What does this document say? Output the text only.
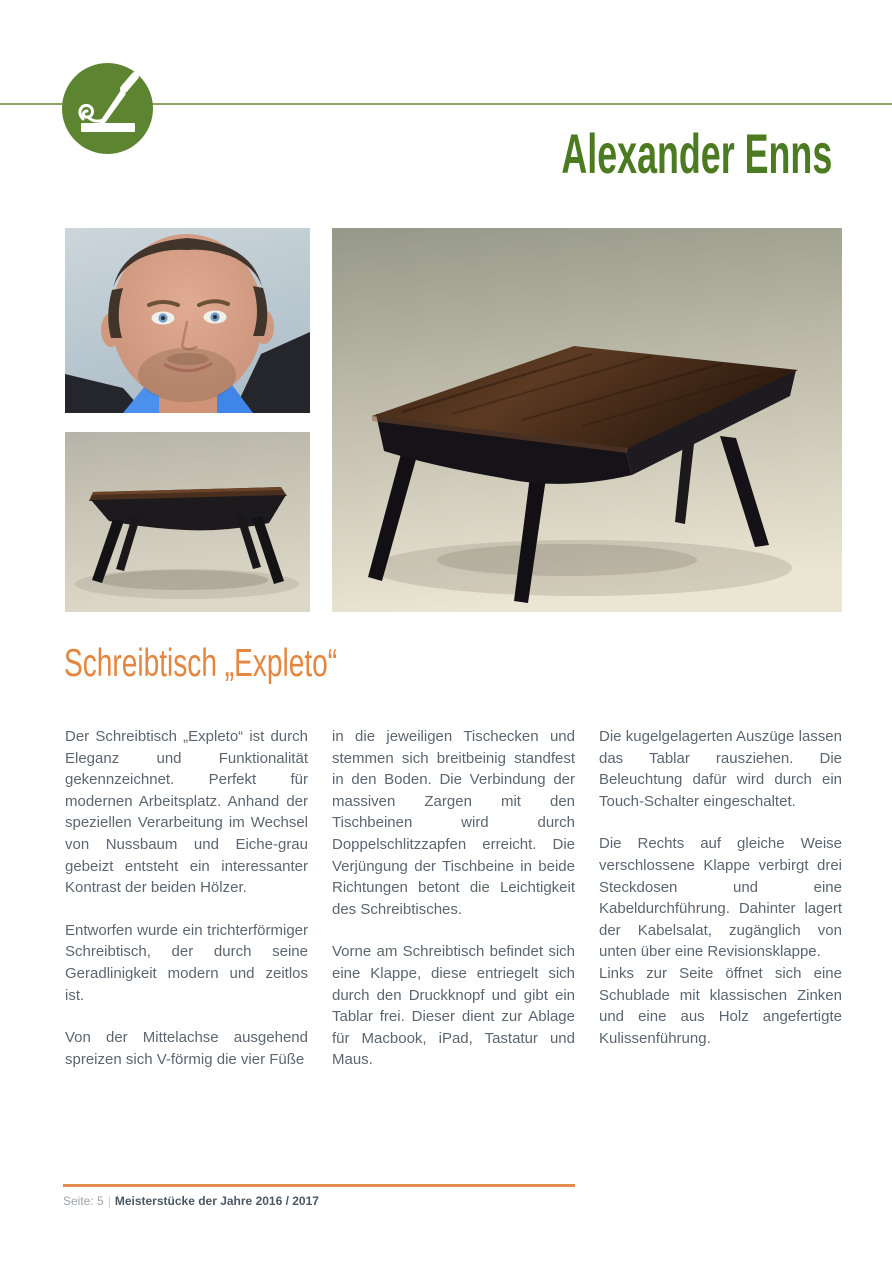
Alexander Enns
Schreibtisch „Expleto“

Der Schreibtisch „Expleto“ ist durch Eleganz und Funktionalität gekennzeichnet. Perfekt für modernen Arbeitsplatz. Anhand der speziellen Verarbeitung im Wechsel von Nussbaum und Eiche-grau gebeizt entsteht ein interessanter Kontrast der beiden Hölzer.

Entworfen wurde ein trichterförmiger Schreibtisch, der durch seine Geradlinigkeit modern und zeitlos ist.

Von der Mittelachse ausgehend spreizen sich V-förmig die vier Füße

in die jeweiligen Tischecken und stemmen sich breitbeinig standfest in den Boden. Die Verbindung der massiven Zargen mit den Tischbeinen wird durch Doppelschlitzzapfen erreicht. Die Verjüngung der Tischbeine in beide Richtungen betont die Leichtigkeit des Schreibtisches.

Vorne am Schreibtisch befindet sich eine Klappe, diese entriegelt sich durch den Druckknopf und gibt ein Tablar frei. Dieser dient zur Ablage für Macbook, iPad, Tastatur und Maus.

Die kugelgelagerten Auszüge lassen das Tablar rausziehen. Die Beleuchtung dafür wird durch ein Touch-Schalter eingeschaltet.

Die Rechts auf gleiche Weise verschlossene Klappe verbirgt drei Steckdosen und eine Kabeldurchführung. Dahinter lagert der Kabelsalat, zugänglich von unten über eine Revisionsklappe.

Links zur Seite öffnet sich eine Schublade mit klassischen Zinken und eine aus Holz angefertigte Kulissenführung.

Seite: 5 | Meisterstücke der Jahre 2016 / 2017
